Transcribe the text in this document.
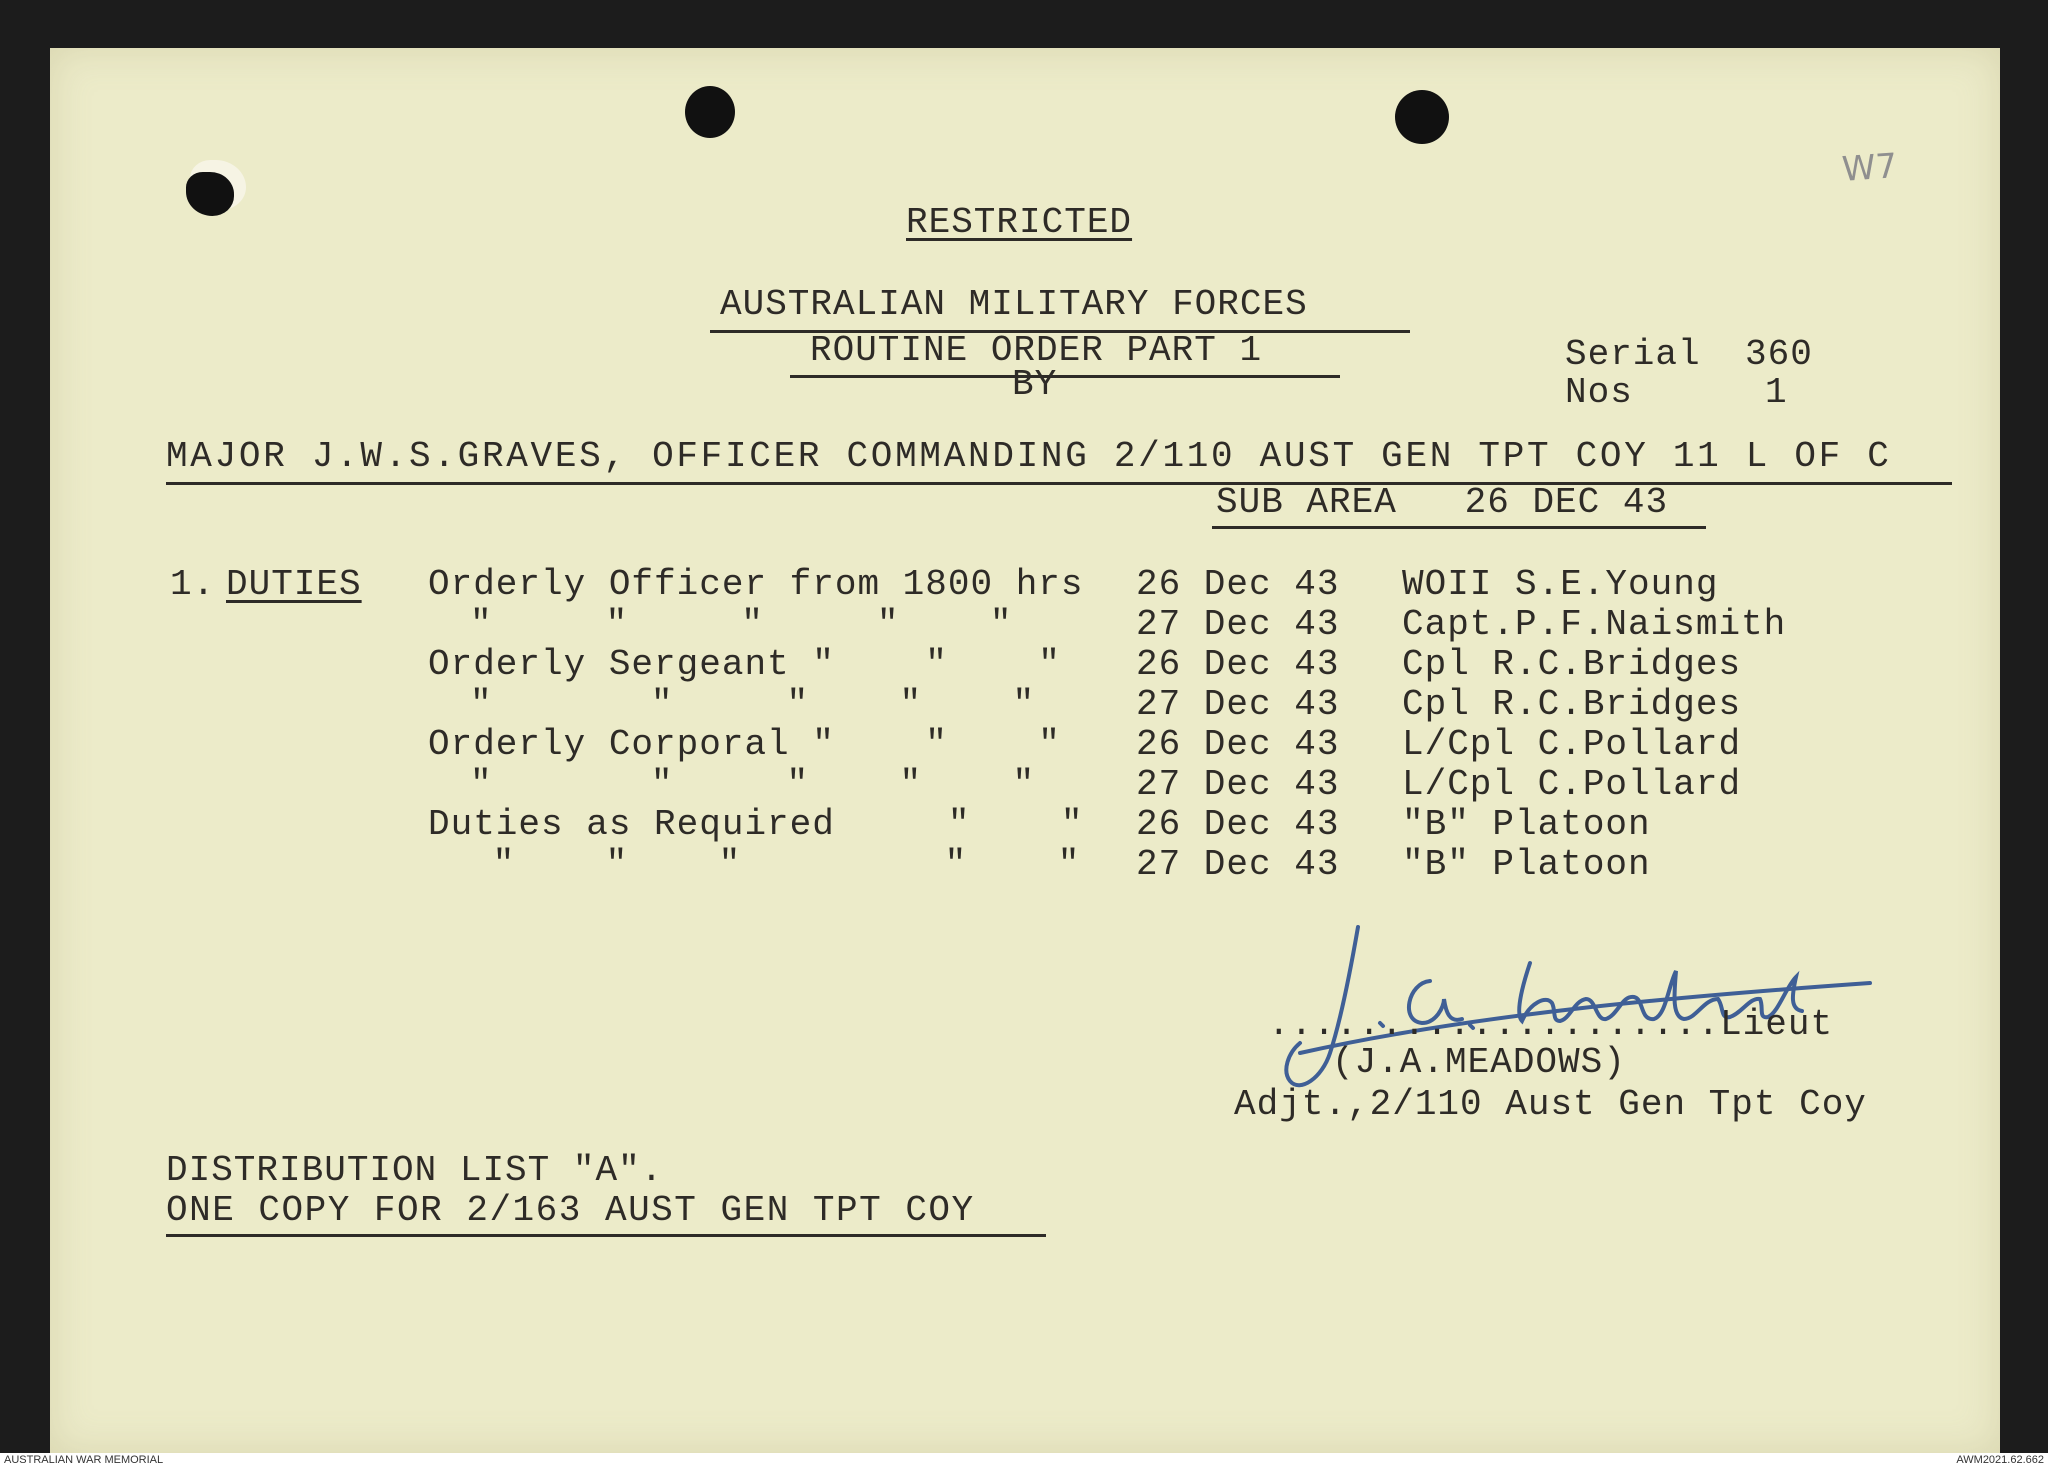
W7
RESTRICTED
AUSTRALIAN MILITARY FORCES
ROUTINE ORDER PART 1
BY
Serial 360
Nos	1
MAJOR J.W.S.GRAVES, OFFICER COMMANDING 2/110 AUST GEN TPT COY 11 L OF C
SUB AREA   26 DEC 43
1. DUTIES Orderly Officer from 1800 hrs 26 Dec 43 WOII S.E.Young
"     "     "     "    "	27 Dec 43 Capt.P.F.Naismith
Orderly Sergeant "    "    " 26 Dec 43 Cpl R.C.Bridges
"       "     "    "    "	27 Dec 43 Cpl R.C.Bridges
Orderly Corporal "    "    " 26 Dec 43 L/Cpl C.Pollard
"       "     "    "    "	27 Dec 43 L/Cpl C.Pollard
Duties as Required     "    " 26 Dec 43 "B" Platoon
"    "    "         "    " 27 Dec 43 "B" Platoon
....................Lieut
(J.A.MEADOWS)
Adjt.,2/110 Aust Gen Tpt Coy
DISTRIBUTION LIST "A".
ONE COPY FOR 2/163 AUST GEN TPT COY
AUSTRALIAN WAR MEMORIAL	AWM2021.62.662
